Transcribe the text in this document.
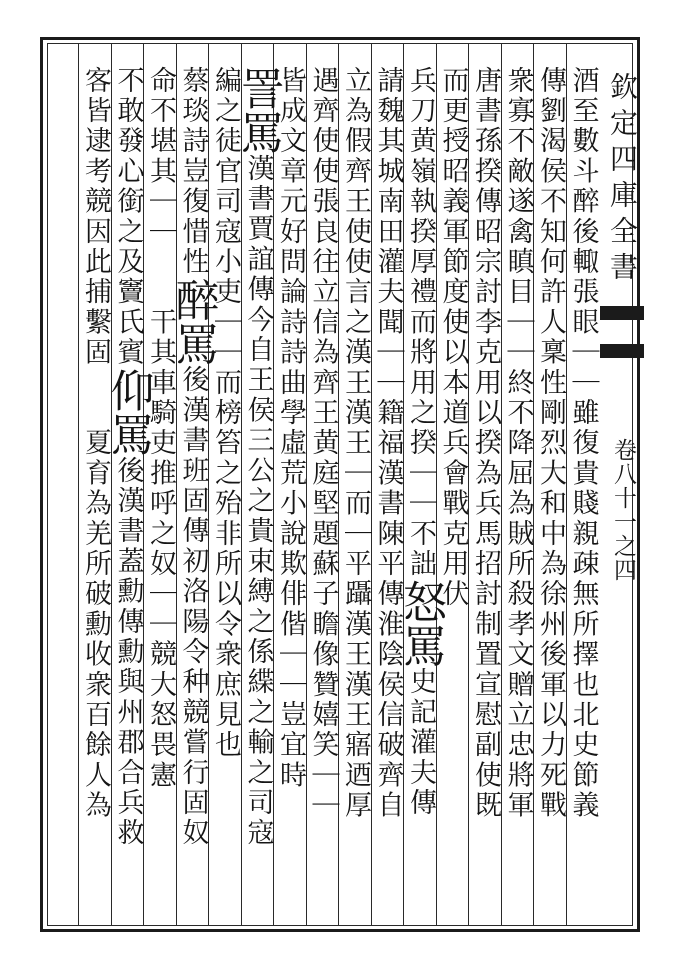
欽定四庫全書
卷八十一之四
酒至數斗醉後輙張眼｜｜雖復貴賤親疎無所擇也北史節義
傳劉渴侯不知何許人稟性剛烈大和中為徐州後軍以力死戰
衆寡不敵遂禽瞋目｜｜終不降屈為賊所殺孝文贈立忠將軍
唐書孫揆傳昭宗討李克用以揆為兵馬招討制置宣慰副使既
而更授昭義軍節度使以本道兵會戰克用伏
兵刀黄嶺執揆厚禮而將用之揆｜｜不詘怒罵史記灌夫傳
請魏其城南田灌夫聞｜｜籍福漢書陳平傳淮陰侯信破齊自
立為假齊王使使言之漢王漢王｜而｜平躡漢王漢王寤迺厚
遇齊使使張良往立信為齊王黄庭堅題蘇子瞻像贊嬉笑｜｜
皆成文章元好問論詩詩曲學虛荒小說欺俳偕｜｜豈宜時
詈罵漢書賈誼傳今自王侯三公之貴束縛之係緤之輸之司寇
編之徒官司寇小吏｜｜而榜笞之殆非所以令衆庶見也
蔡琰詩豈復惜性醉罵後漢書班固傳初洛陽令种競嘗行固奴
命不堪其｜｜　　干其車騎吏推呼之奴｜｜競大怒畏憲
不敢發心銜之及竇氏賓仰罵後漢書蓋勳傳勳與州郡合兵救
客皆逮考競因此捕繫固　　夏育為羌所破勳收衆百餘人為
